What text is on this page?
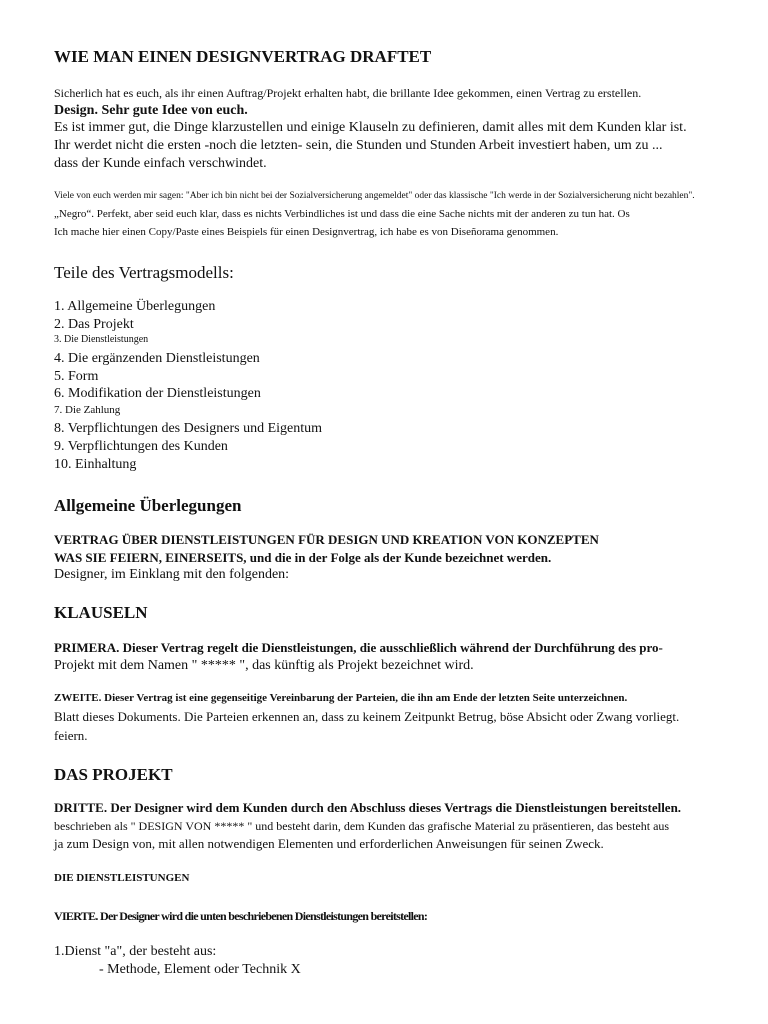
WIE MAN EINEN DESIGNVERTRAG DRAFTET
Sicherlich hat es euch, als ihr einen Auftrag/Projekt erhalten habt, die brillante Idee gekommen, einen Vertrag zu erstellen.
Design. Sehr gute Idee von euch.
Es ist immer gut, die Dinge klarzustellen und einige Klauseln zu definieren, damit alles mit dem Kunden klar ist.
Ihr werdet nicht die ersten -noch die letzten- sein, die Stunden und Stunden Arbeit investiert haben, um zu ...
dass der Kunde einfach verschwindet.
Viele von euch werden mir sagen: "Aber ich bin nicht bei der Sozialversicherung angemeldet" oder das klassische "Ich werde in der Sozialversicherung nicht bezahlen".
„Negro“. Perfekt, aber seid euch klar, dass es nichts Verbindliches ist und dass die eine Sache nichts mit der anderen zu tun hat. Os
Ich mache hier einen Copy/Paste eines Beispiels für einen Designvertrag, ich habe es von Diseñorama genommen.
Teile des Vertragsmodells:
1. Allgemeine Überlegungen
2. Das Projekt
3. Die Dienstleistungen
4. Die ergänzenden Dienstleistungen
5. Form
6. Modifikation der Dienstleistungen
7. Die Zahlung
8. Verpflichtungen des Designers und Eigentum
9. Verpflichtungen des Kunden
10. Einhaltung
Allgemeine Überlegungen
VERTRAG ÜBER DIENSTLEISTUNGEN FÜR DESIGN UND KREATION VON KONZEPTEN
WAS SIE FEIERN, EINERSEITS, und die in der Folge als der Kunde bezeichnet werden.
Designer, im Einklang mit den folgenden:
KLAUSELN
PRIMERA. Dieser Vertrag regelt die Dienstleistungen, die ausschließlich während der Durchführung des pro-
Projekt mit dem Namen " ***** ", das künftig als Projekt bezeichnet wird.
ZWEITE. Dieser Vertrag ist eine gegenseitige Vereinbarung der Parteien, die ihn am Ende der letzten Seite unterzeichnen.
Blatt dieses Dokuments. Die Parteien erkennen an, dass zu keinem Zeitpunkt Betrug, böse Absicht oder Zwang vorliegt.
feiern.
DAS PROJEKT
DRITTE. Der Designer wird dem Kunden durch den Abschluss dieses Vertrags die Dienstleistungen bereitstellen.
beschrieben als " DESIGN VON ***** " und besteht darin, dem Kunden das grafische Material zu präsentieren, das besteht aus
ja zum Design von, mit allen notwendigen Elementen und erforderlichen Anweisungen für seinen Zweck.
DIE DIENSTLEISTUNGEN
VIERTE. Der Designer wird die unten beschriebenen Dienstleistungen bereitstellen:
1.Dienst "a", der besteht aus:
- Methode, Element oder Technik X
